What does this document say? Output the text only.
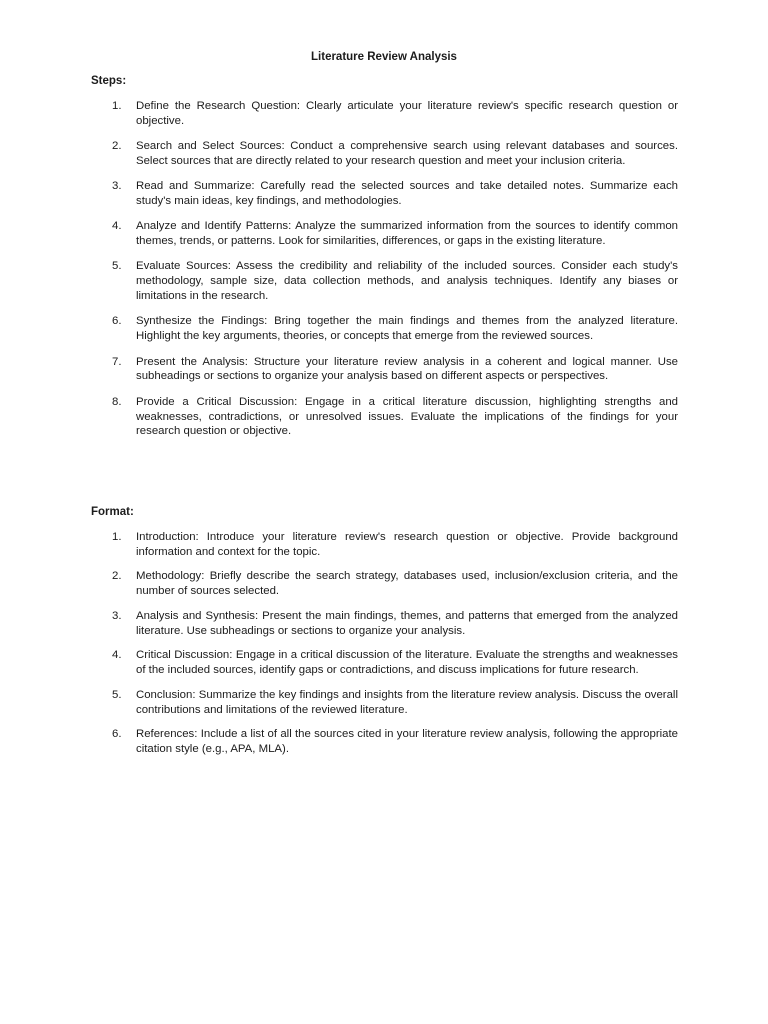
Literature Review Analysis
Steps:
1.	Define the Research Question: Clearly articulate your literature review's specific research question or objective.
2.	Search and Select Sources: Conduct a comprehensive search using relevant databases and sources. Select sources that are directly related to your research question and meet your inclusion criteria.
3.	Read and Summarize: Carefully read the selected sources and take detailed notes. Summarize each study's main ideas, key findings, and methodologies.
4.	Analyze and Identify Patterns: Analyze the summarized information from the sources to identify common themes, trends, or patterns. Look for similarities, differences, or gaps in the existing literature.
5.	Evaluate Sources: Assess the credibility and reliability of the included sources. Consider each study's methodology, sample size, data collection methods, and analysis techniques. Identify any biases or limitations in the research.
6.	Synthesize the Findings: Bring together the main findings and themes from the analyzed literature. Highlight the key arguments, theories, or concepts that emerge from the reviewed sources.
7.	Present the Analysis: Structure your literature review analysis in a coherent and logical manner. Use subheadings or sections to organize your analysis based on different aspects or perspectives.
8.	Provide a Critical Discussion: Engage in a critical literature discussion, highlighting strengths and weaknesses, contradictions, or unresolved issues. Evaluate the implications of the findings for your research question or objective.
Format:
1.	Introduction: Introduce your literature review's research question or objective. Provide background information and context for the topic.
2.	Methodology: Briefly describe the search strategy, databases used, inclusion/exclusion criteria, and the number of sources selected.
3.	Analysis and Synthesis: Present the main findings, themes, and patterns that emerged from the analyzed literature. Use subheadings or sections to organize your analysis.
4.	Critical Discussion: Engage in a critical discussion of the literature. Evaluate the strengths and weaknesses of the included sources, identify gaps or contradictions, and discuss implications for future research.
5.	Conclusion: Summarize the key findings and insights from the literature review analysis. Discuss the overall contributions and limitations of the reviewed literature.
6.	References: Include a list of all the sources cited in your literature review analysis, following the appropriate citation style (e.g., APA, MLA).
